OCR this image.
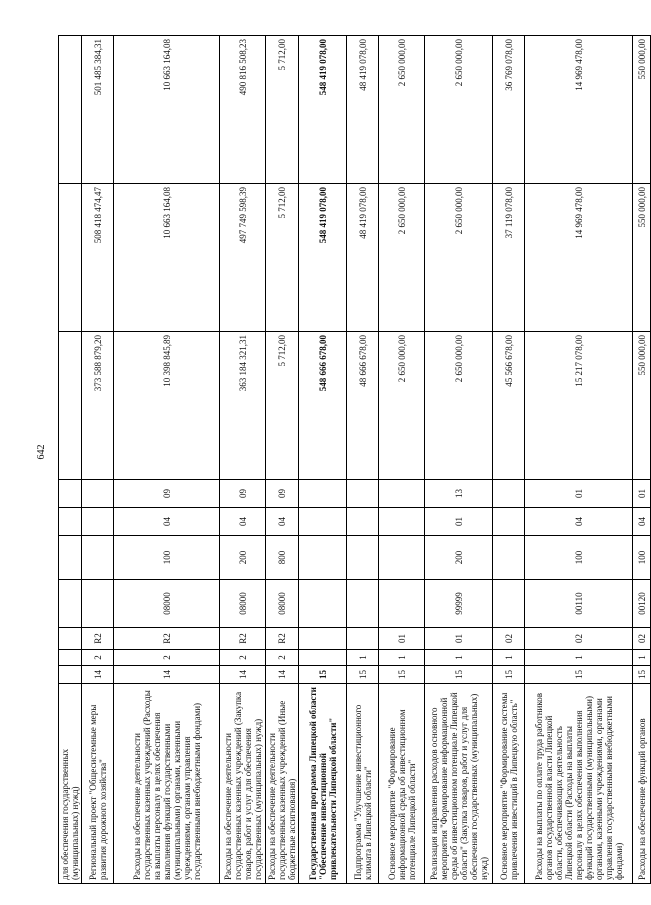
642
для обеспечения государственных (муниципальных) нужд)										
Региональный проект "Общесистемные меры развития дорожного хозяйства"	14	2	R2					373 588 879,20	508 418 474,47	501 485 384,31
Расходы на обеспечение деятельности государственных казенных учреждений (Расходы на выплаты персоналу в целях обеспечения выполнения функций государственными (муниципальными) органами, казенными учреждениями, органами управления государственными внебюджетными фондами)	14	2	R2	08000	100	04	09	10 398 845,89	10 663 164,08	10 663 164,08
Расходы на обеспечение деятельности государственных казенных учреждений (Закупка товаров, работ и услуг для обеспечения государственных (муниципальных) нужд)	14	2	R2	08000	200	04	09	363 184 321,31	497 749 598,39	490 816 508,23
Расходы на обеспечение деятельности государственных казенных учреждений (Иные бюджетные ассигнования)	14	2	R2	08000	800	04	09	5 712,00	5 712,00	5 712,00
Государственная программа Липецкой области "Обеспечение инвестиционной привлекательности Липецкой области"	15							548 666 678,00	548 419 078,00	548 419 078,00
Подпрограмма "Улучшение инвестиционного климата в Липецкой области"	15	1						48 666 678,00	48 419 078,00	48 419 078,00
Основное мероприятие "Формирование информационной среды об инвестиционном потенциале Липецкой области"	15	1	01					2 650 000,00	2 650 000,00	2 650 000,00
Реализация направления расходов основного мероприятия "Формирование информационной среды об инвестиционном потенциале Липецкой области" (Закупка товаров, работ и услуг для обеспечения государственных (муниципальных) нужд)	15	1	01	99999	200	01	13	2 650 000,00	2 650 000,00	2 650 000,00
Основное мероприятие "Формирование системы привлечения инвестиций в Липецкую область"	15	1	02					45 566 678,00	37 119 078,00	36 769 078,00
Расходы на выплаты по оплате труда работников органов государственной власти Липецкой области, обеспечивающих деятельность Липецкой области (Расходы на выплаты персоналу в целях обеспечения выполнения функций государственными (муниципальными) органами, казенными учреждениями, органами управления государственными внебюджетными фондами)	15	1	02	00110	100	04	01	15 217 078,00	14 969 478,00	14 969 478,00
Расходы на обеспечение функций органов	15	1	02	00120	100	04	01	550 000,00	550 000,00	550 000,00
